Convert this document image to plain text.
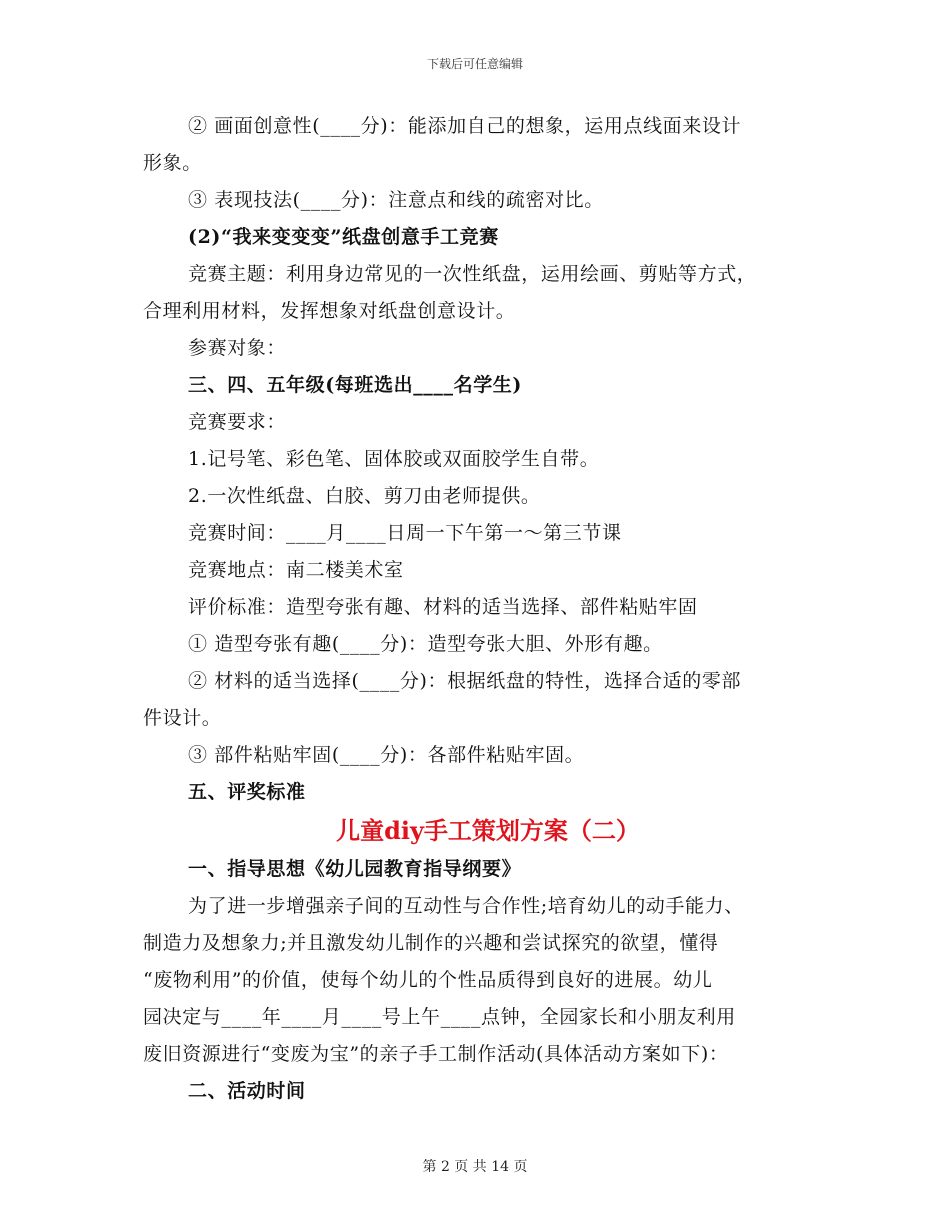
下载后可任意编辑

② 画面创意性(____分)：能添加自己的想象，运用点线面来设计

形象。

③ 表现技法(____分)：注意点和线的疏密对比。

(2)“我来变变变”纸盘创意手工竞赛

竞赛主题：利用身边常见的一次性纸盘，运用绘画、剪贴等方式，

合理利用材料，发挥想象对纸盘创意设计。

参赛对象：

三、四、五年级(每班选出____名学生)

竞赛要求：

1.记号笔、彩色笔、固体胶或双面胶学生自带。

2.一次性纸盘、白胶、剪刀由老师提供。

竞赛时间：____月____日周一下午第一～第三节课

竞赛地点：南二楼美术室

评价标准：造型夸张有趣、材料的适当选择、部件粘贴牢固

① 造型夸张有趣(____分)：造型夸张大胆、外形有趣。

② 材料的适当选择(____分)：根据纸盘的特性，选择合适的零部

件设计。

③ 部件粘贴牢固(____分)：各部件粘贴牢固。

五、评奖标准

儿童diy手工策划方案（二）

一、指导思想《幼儿园教育指导纲要》

为了进一步增强亲子间的互动性与合作性;培育幼儿的动手能力、

制造力及想象力;并且激发幼儿制作的兴趣和尝试探究的欲望，懂得

“废物利用”的价值，使每个幼儿的个性品质得到良好的进展。幼儿

园决定与____年____月____号上午____点钟，全园家长和小朋友利用

废旧资源进行“变废为宝”的亲子手工制作活动(具体活动方案如下)：

二、活动时间

第 2 页 共 14 页
